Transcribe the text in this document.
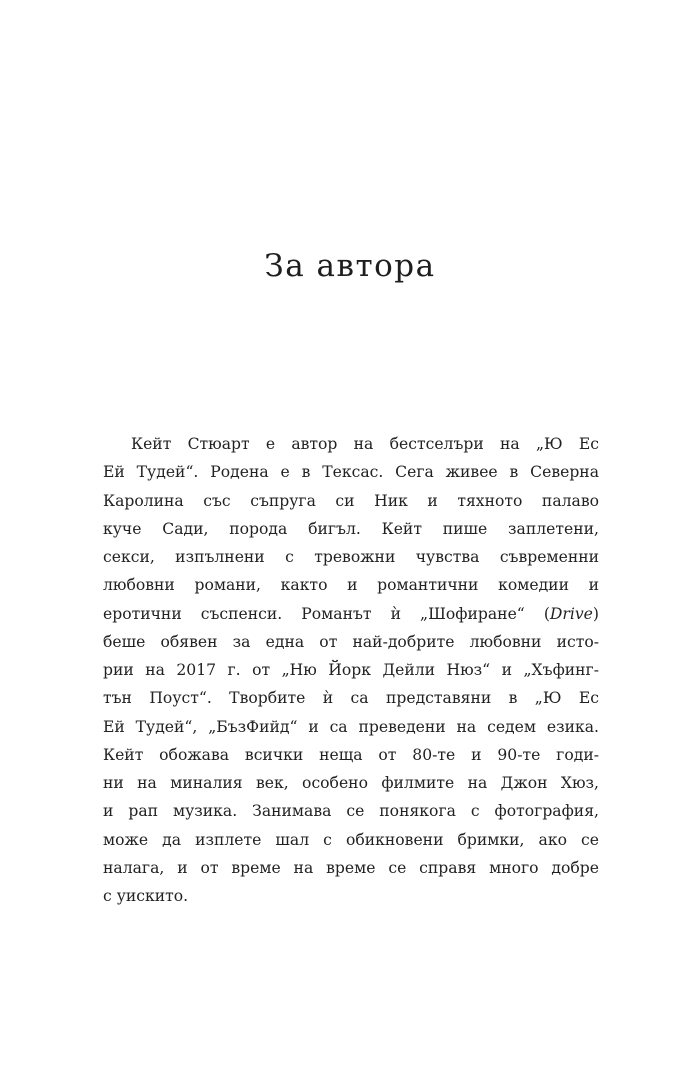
За автора
Кейт Стюарт е автор на бестселъри на „Ю Ес
Ей Тудей“. Родена е в Тексас. Сега живее в Северна
Каролина със съпруга си Ник и тяхното палаво
куче Сади, порода бигъл. Кейт пише заплетени,
секси, изпълнени с тревожни чувства съвременни
любовни романи, както и романтични комедии и
еротични съспенси. Романът ѝ „Шофиране“ (Drive)
беше обявен за една от най-добрите любовни исто-
рии на 2017 г. от „Ню Йорк Дейли Нюз“ и „Хъфинг-
тън Поуст“. Творбите ѝ са представяни в „Ю Ес
Ей Тудей“, „БъзФийд“ и са преведени на седем езика.
Кейт обожава всички неща от 80-те и 90-те годи-
ни на миналия век, особено филмите на Джон Хюз,
и рап музика. Занимава се понякога с фотография,
може да изплете шал с обикновени бримки, ако се
налага, и от време на време се справя много добре
с уискито.
